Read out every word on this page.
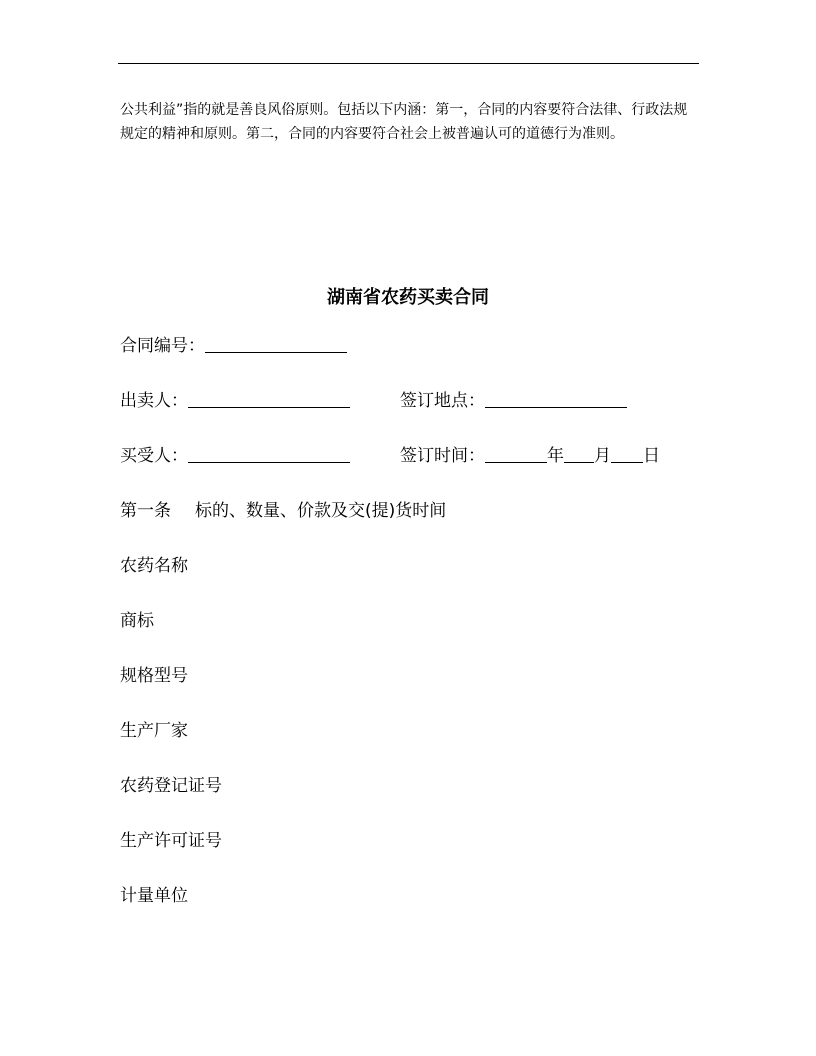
公共利益”指的就是善良风俗原则。包括以下内涵：第一，合同的内容要符合法律、行政法规规定的精神和原则。第二，合同的内容要符合社会上被普遍认可的道德行为准则。

湖南省农药买卖合同
合同编号：
出卖人：	签订地点：
买受人：	签订时间：	年 月 日
第一条 标的、数量、价款及交(提)货时间
农药名称
商标
规格型号
生产厂家
农药登记证号
生产许可证号
计量单位
